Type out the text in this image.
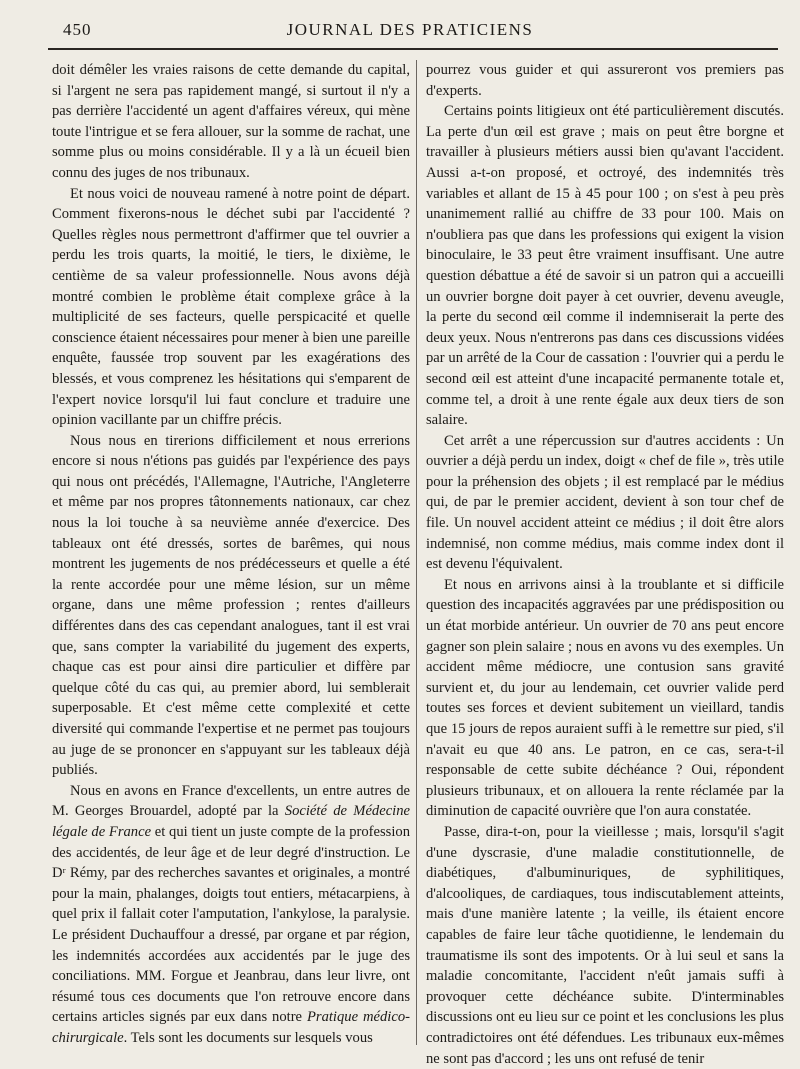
450	JOURNAL DES PRATICIENS

doit démêler les vraies raisons de cette demande du capital, si l'argent ne sera pas rapidement mangé, si surtout il n'y a pas derrière l'accidenté un agent d'affaires véreux, qui mène toute l'intrigue et se fera allouer, sur la somme de rachat, une somme plus ou moins considérable. Il y a là un écueil bien connu des juges de nos tribunaux.

Et nous voici de nouveau ramené à notre point de départ. Comment fixerons-nous le déchet subi par l'accidenté ? Quelles règles nous permettront d'affirmer que tel ouvrier a perdu les trois quarts, la moitié, le tiers, le dixième, le centième de sa valeur professionnelle. Nous avons déjà montré combien le problème était complexe grâce à la multiplicité de ses facteurs, quelle perspicacité et quelle conscience étaient nécessaires pour mener à bien une pareille enquête, faussée trop souvent par les exagérations des blessés, et vous comprenez les hésitations qui s'emparent de l'expert novice lorsqu'il lui faut conclure et traduire une opinion vacillante par un chiffre précis.

Nous nous en tirerions difficilement et nous errerions encore si nous n'étions pas guidés par l'expérience des pays qui nous ont précédés, l'Allemagne, l'Autriche, l'Angleterre et même par nos propres tâtonnements nationaux, car chez nous la loi touche à sa neuvième année d'exercice. Des tableaux ont été dressés, sortes de barêmes, qui nous montrent les jugements de nos prédécesseurs et quelle a été la rente accordée pour une même lésion, sur un même organe, dans une même profession ; rentes d'ailleurs différentes dans des cas cependant analogues, tant il est vrai que, sans compter la variabilité du jugement des experts, chaque cas est pour ainsi dire particulier et diffère par quelque côté du cas qui, au premier abord, lui semblerait superposable. Et c'est même cette complexité et cette diversité qui commande l'expertise et ne permet pas toujours au juge de se prononcer en s'appuyant sur les tableaux déjà publiés.

Nous en avons en France d'excellents, un entre autres de M. Georges Brouardel, adopté par la Société de Médecine légale de France et qui tient un juste compte de la profession des accidentés, de leur âge et de leur degré d'instruction. Le Dʳ Rémy, par des recherches savantes et originales, a montré pour la main, phalanges, doigts tout entiers, métacarpiens, à quel prix il fallait coter l'amputation, l'ankylose, la paralysie. Le président Duchauffour a dressé, par organe et par région, les indemnités accordées aux accidentés par le juge des conciliations. MM. Forgue et Jeanbrau, dans leur livre, ont résumé tous ces documents que l'on retrouve encore dans certains articles signés par eux dans notre Pratique médico-chirurgicale. Tels sont les documents sur lesquels vous

pourrez vous guider et qui assureront vos premiers pas d'experts.

Certains points litigieux ont été particulièrement discutés. La perte d'un œil est grave ; mais on peut être borgne et travailler à plusieurs métiers aussi bien qu'avant l'accident. Aussi a-t-on proposé, et octroyé, des indemnités très variables et allant de 15 à 45 pour 100 ; on s'est à peu près unanimement rallié au chiffre de 33 pour 100. Mais on n'oubliera pas que dans les professions qui exigent la vision binoculaire, le 33 peut être vraiment insuffisant. Une autre question débattue a été de savoir si un patron qui a accueilli un ouvrier borgne doit payer à cet ouvrier, devenu aveugle, la perte du second œil comme il indemniserait la perte des deux yeux. Nous n'entrerons pas dans ces discussions vidées par un arrêté de la Cour de cassation : l'ouvrier qui a perdu le second œil est atteint d'une incapacité permanente totale et, comme tel, a droit à une rente égale aux deux tiers de son salaire.

Cet arrêt a une répercussion sur d'autres accidents : Un ouvrier a déjà perdu un index, doigt « chef de file », très utile pour la préhension des objets ; il est remplacé par le médius qui, de par le premier accident, devient à son tour chef de file. Un nouvel accident atteint ce médius ; il doit être alors indemnisé, non comme médius, mais comme index dont il est devenu l'équivalent.

Et nous en arrivons ainsi à la troublante et si difficile question des incapacités aggravées par une prédisposition ou un état morbide antérieur. Un ouvrier de 70 ans peut encore gagner son plein salaire ; nous en avons vu des exemples. Un accident même médiocre, une contusion sans gravité survient et, du jour au lendemain, cet ouvrier valide perd toutes ses forces et devient subitement un vieillard, tandis que 15 jours de repos auraient suffi à le remettre sur pied, s'il n'avait eu que 40 ans. Le patron, en ce cas, sera-t-il responsable de cette subite déchéance ? Oui, répondent plusieurs tribunaux, et on allouera la rente réclamée par la diminution de capacité ouvrière que l'on aura constatée.

Passe, dira-t-on, pour la vieillesse ; mais, lorsqu'il s'agit d'une dyscrasie, d'une maladie constitutionnelle, de diabétiques, d'albuminuriques, de syphilitiques, d'alcooliques, de cardiaques, tous indiscutablement atteints, mais d'une manière latente ; la veille, ils étaient encore capables de faire leur tâche quotidienne, le lendemain du traumatisme ils sont des impotents. Or à lui seul et sans la maladie concomitante, l'accident n'eût jamais suffi à provoquer cette déchéance subite. D'interminables discussions ont eu lieu sur ce point et les conclusions les plus contradictoires ont été défendues. Les tribunaux eux-mêmes ne sont pas d'accord ; les uns ont refusé de tenir
